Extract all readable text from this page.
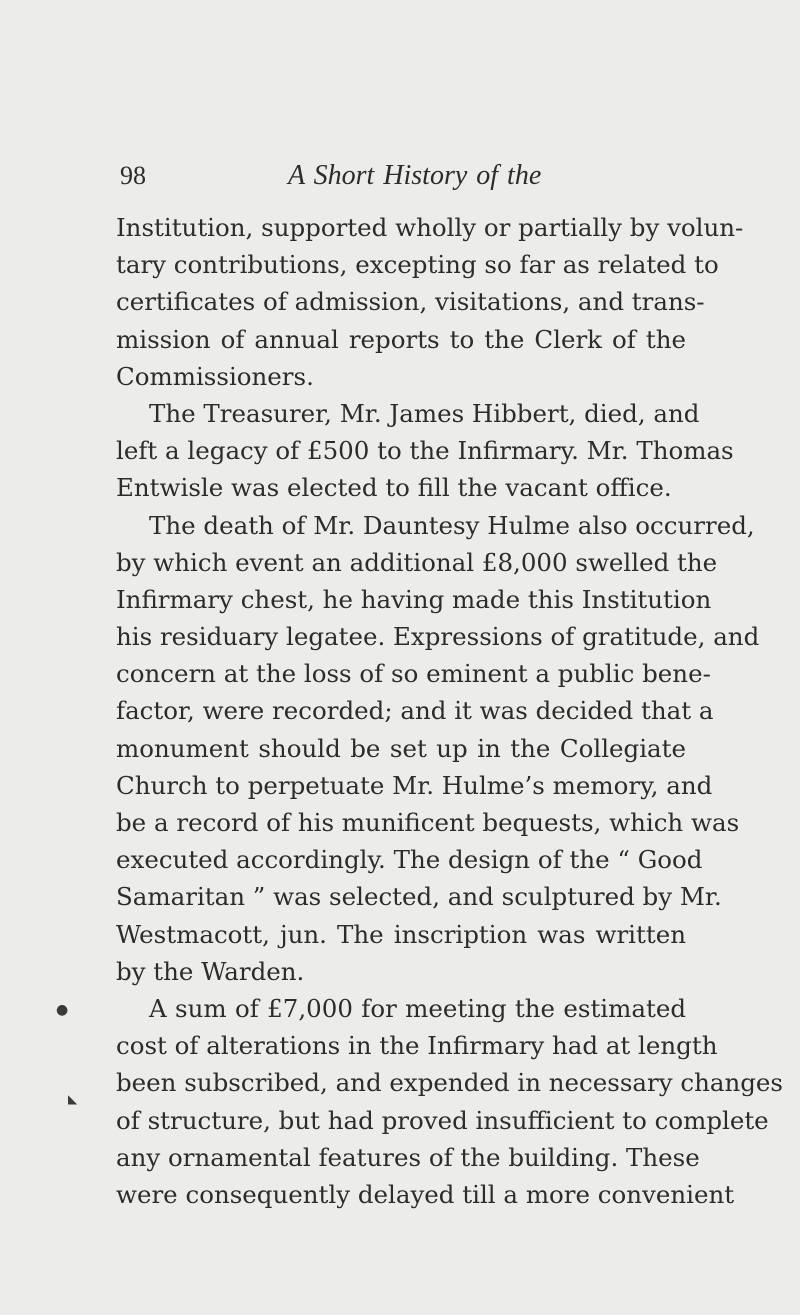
98	A Short History of the
Institution, supported wholly or partially by volun-
tary contributions, excepting so far as related to
certificates of admission, visitations, and trans-
mission of annual reports to the Clerk of the
Commissioners.
The Treasurer, Mr. James Hibbert, died, and
left a legacy of £500 to the Infirmary. Mr. Thomas
Entwisle was elected to fill the vacant office.
The death of Mr. Dauntesy Hulme also occurred,
by which event an additional £8,000 swelled the
Infirmary chest, he having made this Institution
his residuary legatee. Expressions of gratitude, and
concern at the loss of so eminent a public bene-
factor, were recorded; and it was decided that a
monument should be set up in the Collegiate
Church to perpetuate Mr. Hulme’s memory, and
be a record of his munificent bequests, which was
executed accordingly. The design of the “ Good
Samaritan ” was selected, and sculptured by Mr.
Westmacott, jun. The inscription was written
by the Warden.
A sum of £7,000 for meeting the estimated
cost of alterations in the Infirmary had at length
been subscribed, and expended in necessary changes
of structure, but had proved insufficient to complete
any ornamental features of the building. These
were consequently delayed till a more convenient
●
◣
